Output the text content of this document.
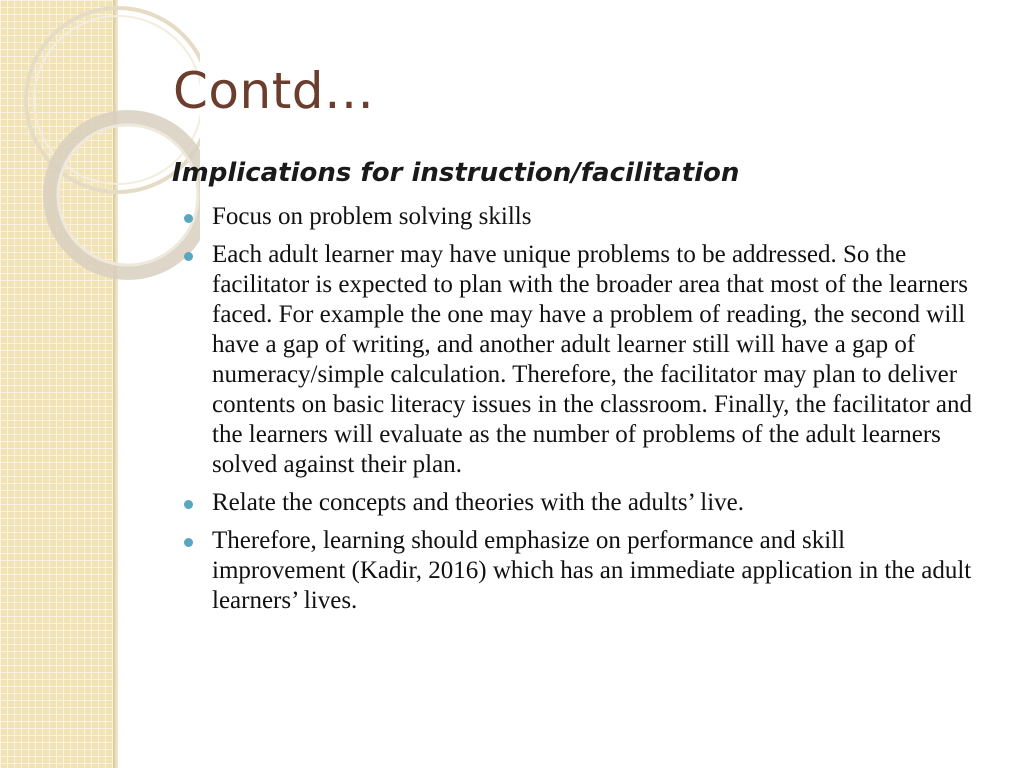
Contd…
Implications for instruction/facilitation
Focus on problem solving skills
Each adult learner may have unique problems to be addressed. So the facilitator is expected to plan with the broader area that most of the learners faced. For example the one may have a problem of reading, the second will have a gap of writing, and another adult learner still will have a gap of numeracy/simple calculation. Therefore, the facilitator may plan to deliver contents on basic literacy issues in the classroom. Finally, the facilitator and the learners will evaluate as the number of problems of the adult learners solved against their plan.
Relate the concepts and theories with the adults’ live.
Therefore, learning should emphasize on performance and skill improvement (Kadir, 2016) which has an immediate application in the adult learners’ lives.
